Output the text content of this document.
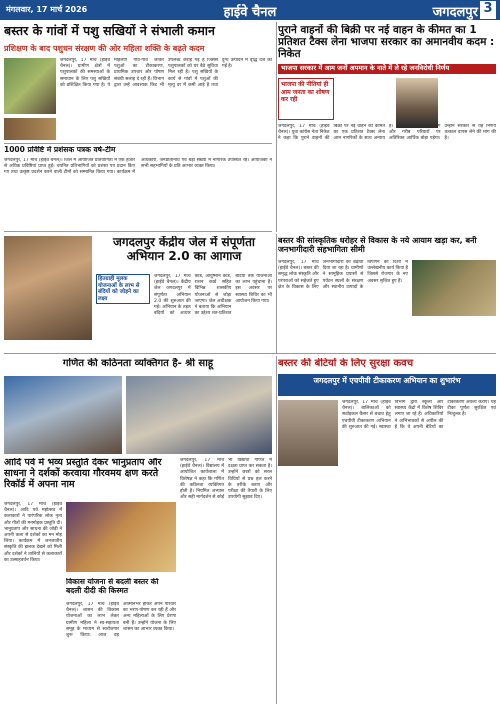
मंगलवार, 17 मार्च 2026	हाईवे चैनल	जगदलपुर 3
बस्तर के गांवों में पशु सखियों ने संभाली कमान
प्रशिक्षण के बाद पशुधन संरक्षण की ओर महिला शक्ति के बढ़ते कदम
जगदलपुर, 17 मार्च (हाईवे चैनल)। ग्रामीण क्षेत्रों में पशुपालकों की समस्याओं के समाधान के लिए पशु सखियों को प्रशिक्षित किया गया है। ये महिलाएं गांव-गांव जाकर पशुओं का टीकाकरण, प्राथमिक उपचार और पोषण संबंधी सलाह दे रही हैं। विभाग द्वारा उन्हें आवश्यक किट भी उपलब्ध कराई गई है जिससे पशुपालकों को घर बैठे सुविधा मिल रही है। पशु सखियों के कार्य से गांवों में पशुओं की मृत्यु दर में कमी आई है तथा दुग्ध उत्पादन में वृद्धि दर्ज की गई है।
1000 प्रविष्टि में प्रशंसक पत्रक वर्ष-टीम
जगदलपुर, 17 मार्च (हाईवे चैनल)। जिले में आयोजित प्रतियोगिता में एक हजार से अधिक प्रविष्टियां प्राप्त हुईं। चयनित प्रतिभागियों को प्रशंसा पत्र प्रदान किए गए तथा उत्कृष्ट प्रदर्शन करने वाली टीमों को सम्मानित किया गया। कार्यक्रम में अधिकारी, जनप्रतिनिधि एवं बड़ी संख्या में नागरिक उपस्थित रहे। आयोजकों ने सभी सहभागियों के प्रति आभार व्यक्त किया।
पुराने वाहनों की बिक्री पर नई वाहन के कीमत का 1 प्रतिशत टैक्स लेना भाजपा सरकार का अमानवीय कदम : निकेत
भाजपा सरकार में आम जनों अपमान के नाते में ले रहे जनविरोधी निर्णय
भाजपा की नीतियां ही आम जनता का शोषण कर रही
जगदलपुर, 17 मार्च (हाईवे चैनल)। युवा कांग्रेस नेता निकेत ने कहा कि पुराने वाहनों की बिक्री पर नई वाहन की कीमत का एक प्रतिशत टैक्स लेना आम नागरिकों के साथ अन्याय है। इस निर्णय से मध्यम वर्ग और गरीब परिवारों पर अतिरिक्त आर्थिक बोझ पड़ेगा। उन्होंने सरकार से यह निर्णय तत्काल वापस लेने की मांग की है।
जगदलपुर केंद्रीय जेल में संपूर्णता अभियान 2.0 का आगाज
हितग्राही मूलक योजनाओं के लाभ से बंदियों को जोड़ने का लक्ष्य
जगदलपुर, 17 मार्च (हाईवे चैनल)। केंद्रीय जेल जगदलपुर में संपूर्णता अभियान 2.0 की शुरुआत की गई। अभियान के तहत बंदियों को आधार कार्ड, आयुष्मान कार्ड, राशन कार्ड सहित विभिन्न शासकीय योजनाओं से जोड़ा जाएगा। जेल अधीक्षक ने बताया कि अभियान का उद्देश्य शत-प्रतिशत बंदियों तक योजनाओं का लाभ पहुंचाना है। इस अवसर पर स्वास्थ्य शिविर का भी आयोजन किया गया।
बस्तर की सांस्कृतिक धरोहर से विकास के नये आयाम खड़ा कर, बनी जनभागीदारी सहभागिता सीमी
जगदलपुर, 17 मार्च (हाईवे चैनल)। बस्तर की समृद्ध लोक संस्कृति और परंपराओं को सहेजते हुए क्षेत्र के विकास के लिए जनभागीदारी को बढ़ावा दिया जा रहा है। ग्रामीणों ने सामूहिक प्रयासों से पर्यटन स्थलों के संरक्षण और स्थानीय उत्पादों के विपणन की दिशा में उल्लेखनीय कार्य किया है जिससे रोजगार के नए अवसर सृजित हुए हैं।
गणित की कठिनता व्यक्तिगत है- श्री साहू
जगदलपुर, 17 मार्च (हाईवे चैनल)। विद्यालय में आयोजित कार्यशाला में विशेषज्ञ ने कहा कि गणित की कठिनता व्यक्तिगत होती है। नियमित अभ्यास और सही मार्गदर्शन से कोई भी विद्यार्थी गणित में दक्षता प्राप्त कर सकता है। उन्होंने छात्रों को सरल विधियों से प्रश्न हल करने के तरीके बताए और परीक्षा की तैयारी के लिए उपयोगी सुझाव दिए।
बस्तर की बेटियों के लिए सुरक्षा कवच
जगदलपुर में एचपीवी टीकाकरण अभियान का शुभारंभ
जगदलपुर, 17 मार्च (हाईवे चैनल)। बालिकाओं को सर्वाइकल कैंसर से बचाव हेतु एचपीवी टीकाकरण अभियान की शुरुआत की गई। स्वास्थ्य विभाग द्वारा स्कूलों और स्वास्थ्य केंद्रों में विशेष शिविर लगाए जा रहे हैं। अधिकारियों ने अभिभावकों से अपील की है कि वे अपनी बेटियों का टीकाकरण अवश्य कराएं। यह टीका पूर्णतः सुरक्षित एवं निःशुल्क है।
आदि पर्व में भव्य प्रस्तुति देकर भानुप्रताप और साधना ने दर्शकों करवाया गौरवमय क्षण करते रिकॉर्ड में अपना नाम
जगदलपुर, 17 मार्च (हाईवे चैनल)। आदि पर्व महोत्सव में कलाकारों ने पारंपरिक लोक नृत्य और गीतों की मनमोहक प्रस्तुति दी। भानुप्रताप और साधना की जोड़ी ने अपनी कला से दर्शकों का मन मोह लिया। कार्यक्रम में जनजातीय संस्कृति की झलक देखने को मिली और दर्शकों ने तालियों से कलाकारों का उत्साहवर्धन किया।
विकास योजना से बदली बस्तर की बदली दीदी की किस्मत
जगदलपुर, 17 मार्च (हाईवे चैनल)। शासन की विकास योजनाओं का लाभ लेकर ग्रामीण महिला ने स्व-सहायता समूह के माध्यम से स्वरोजगार शुरू किया। आज वह आत्मनिर्भर होकर अपने परिवार का भरण-पोषण कर रही हैं और अन्य महिलाओं के लिए प्रेरणा बनी हैं। उन्होंने योजना के लिए शासन का आभार व्यक्त किया।
